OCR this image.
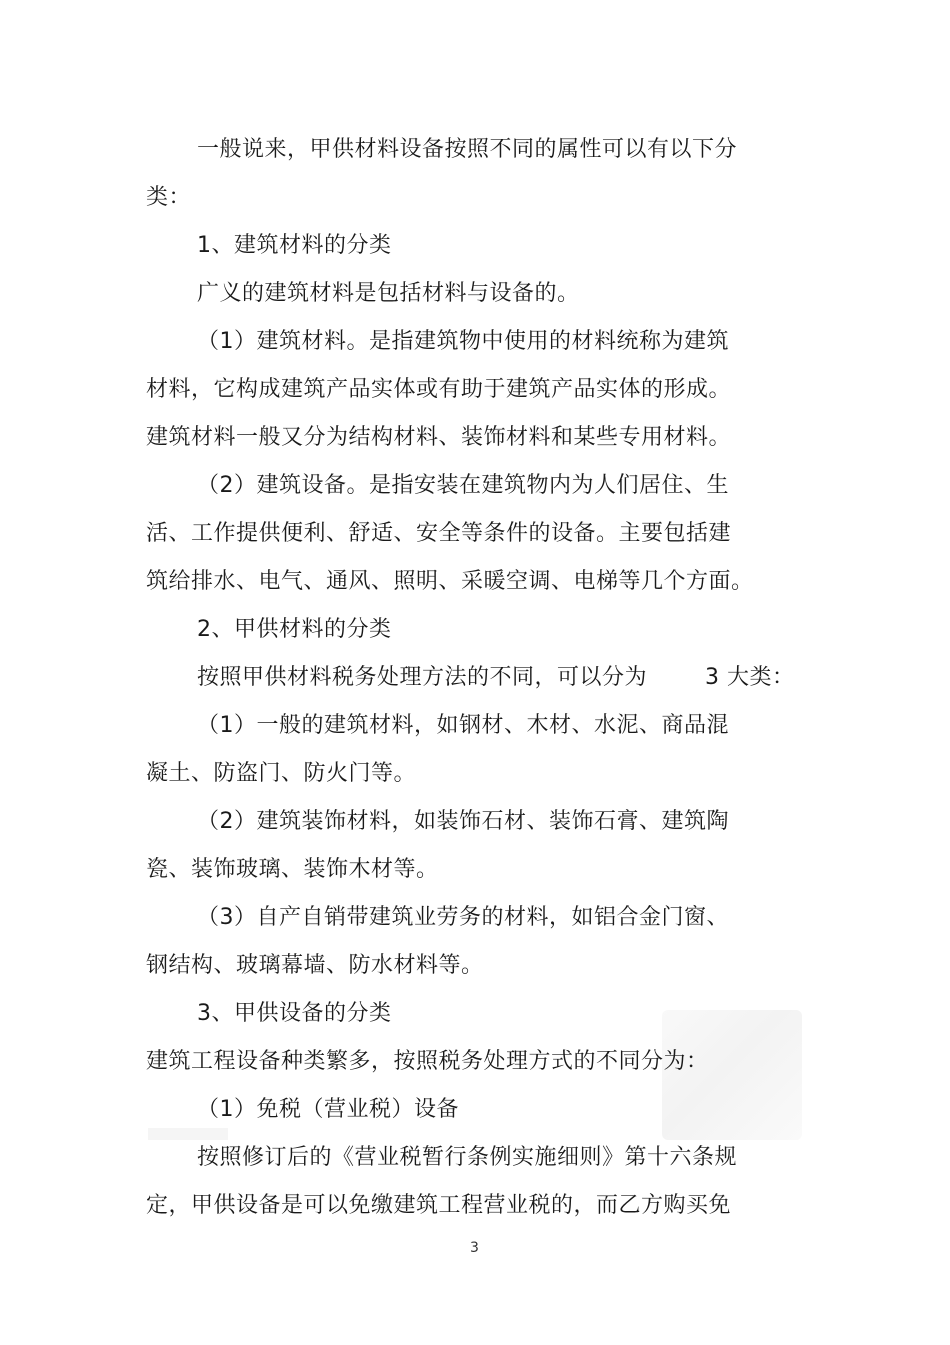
一般说来，甲供材料设备按照不同的属性可以有以下分
类：
1、建筑材料的分类
广义的建筑材料是包括材料与设备的。
（1）建筑材料。是指建筑物中使用的材料统称为建筑
材料，它构成建筑产品实体或有助于建筑产品实体的形成。
建筑材料一般又分为结构材料、装饰材料和某些专用材料。
（2）建筑设备。是指安装在建筑物内为人们居住、生
活、工作提供便利、舒适、安全等条件的设备。主要包括建
筑给排水、电气、通风、照明、采暖空调、电梯等几个方面。
2、甲供材料的分类
按照甲供材料税务处理方法的不同，可以分为	3 大类：
（1）一般的建筑材料，如钢材、木材、水泥、商品混
凝土、防盗门、防火门等。
（2）建筑装饰材料，如装饰石材、装饰石膏、建筑陶
瓷、装饰玻璃、装饰木材等。
（3）自产自销带建筑业劳务的材料，如铝合金门窗、
钢结构、玻璃幕墙、防水材料等。
3、甲供设备的分类
建筑工程设备种类繁多，按照税务处理方式的不同分为：
（1）免税（营业税）设备
按照修订后的《营业税暂行条例实施细则》第十六条规
定，甲供设备是可以免缴建筑工程营业税的，而乙方购买免
3
